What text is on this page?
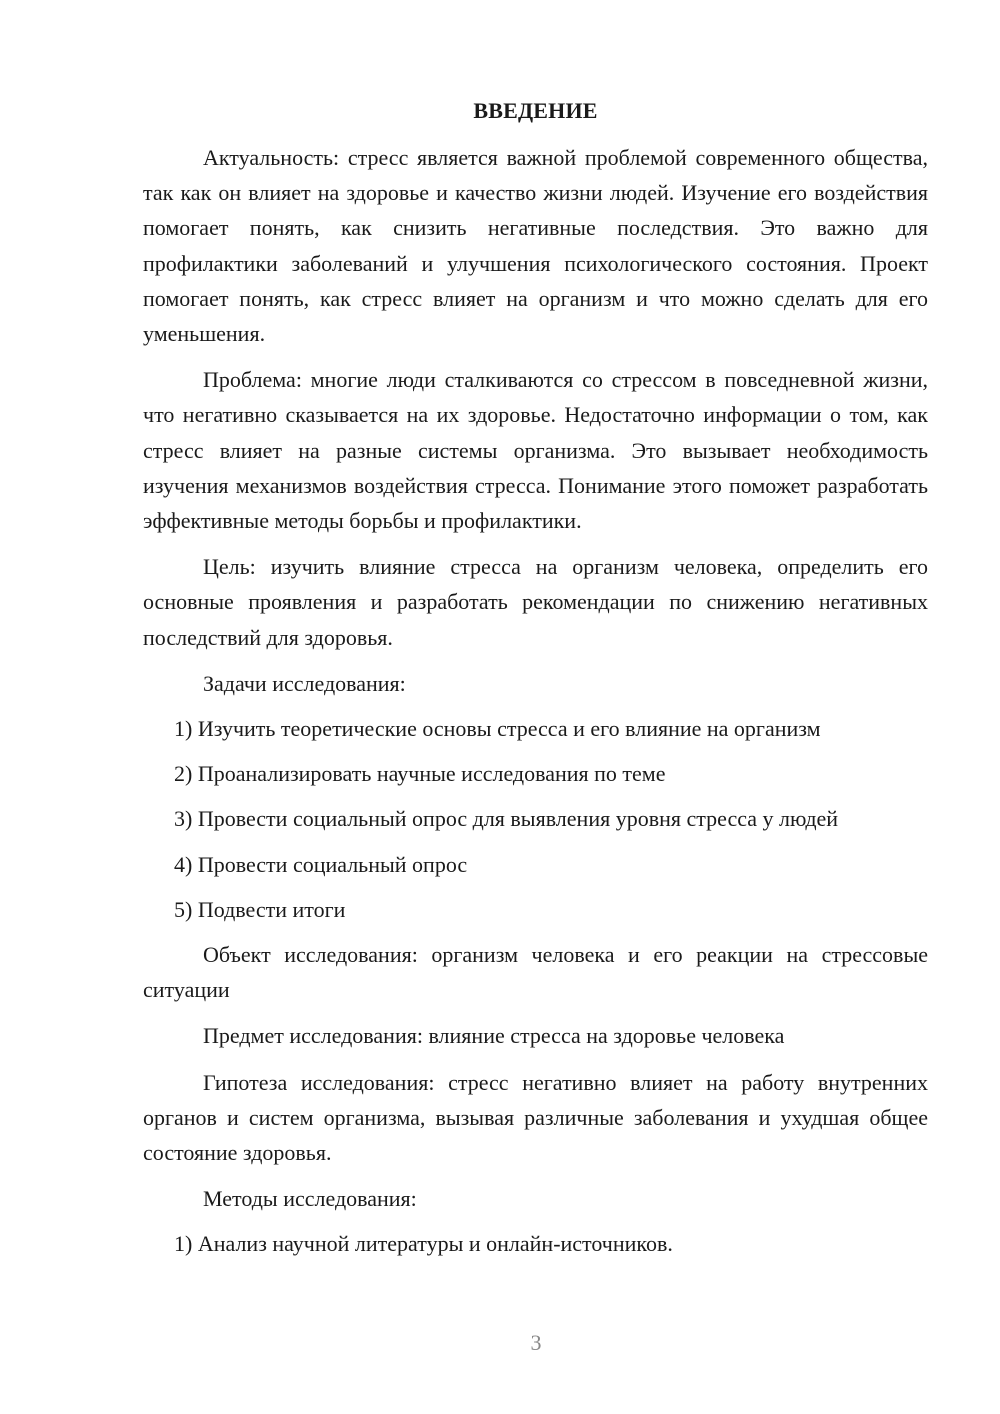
ВВЕДЕНИЕ

Актуальность: стресс является важной проблемой современного общества, так как он влияет на здоровье и качество жизни людей. Изучение его воздействия помогает понять, как снизить негативные последствия. Это важно для профилактики заболеваний и улучшения психологического состояния. Проект помогает понять, как стресс влияет на организм и что можно сделать для его уменьшения.

Проблема: многие люди сталкиваются со стрессом в повседневной жизни, что негативно сказывается на их здоровье. Недостаточно информации о том, как стресс влияет на разные системы организма. Это вызывает необходимость изучения механизмов воздействия стресса. Понимание этого поможет разработать эффективные методы борьбы и профилактики.

Цель: изучить влияние стресса на организм человека, определить его основные проявления и разработать рекомендации по снижению негативных последствий для здоровья.

Задачи исследования:
1) Изучить теоретические основы стресса и его влияние на организм
2) Проанализировать научные исследования по теме
3) Провести социальный опрос для выявления уровня стресса у людей
4) Провести социальный опрос
5) Подвести итоги

Объект исследования: организм человека и его реакции на стрессовые ситуации

Предмет исследования: влияние стресса на здоровье человека

Гипотеза исследования: стресс негативно влияет на работу внутренних органов и систем организма, вызывая различные заболевания и ухудшая общее состояние здоровья.

Методы исследования:
1) Анализ научной литературы и онлайн-источников.
3
